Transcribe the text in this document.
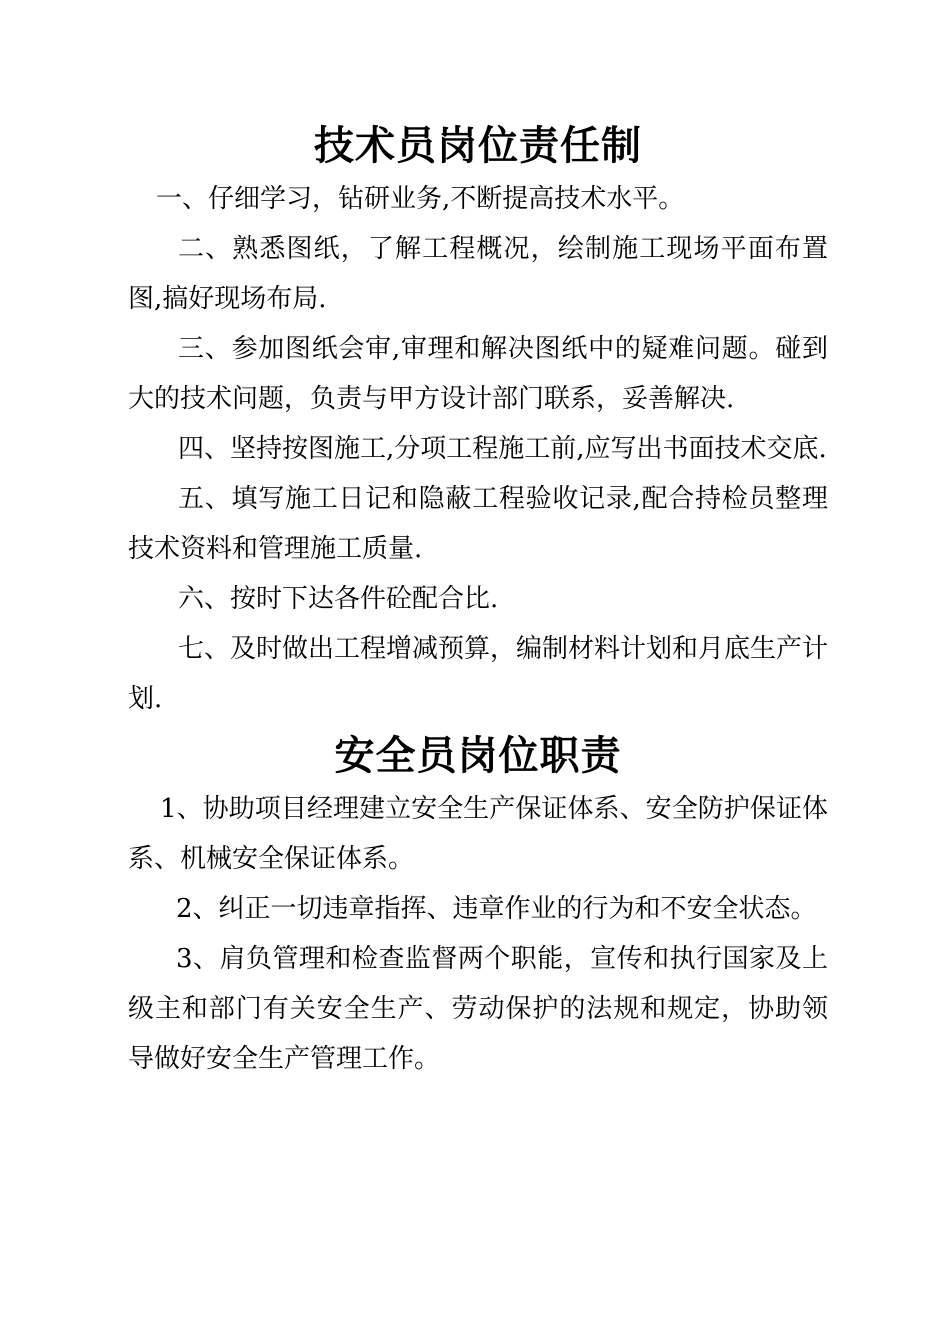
技术员岗位责任制

一、仔细学习，钻研业务,不断提高技术水平。

二、熟悉图纸，了解工程概况，绘制施工现场平面布置图,搞好现场布局.

三、参加图纸会审,审理和解决图纸中的疑难问题。碰到大的技术问题，负责与甲方设计部门联系，妥善解决.

四、坚持按图施工,分项工程施工前,应写出书面技术交底.

五、填写施工日记和隐蔽工程验收记录,配合持检员整理技术资料和管理施工质量.

六、按时下达各件砼配合比.

七、及时做出工程增减预算，编制材料计划和月底生产计划.

安全员岗位职责

1、协助项目经理建立安全生产保证体系、安全防护保证体系、机械安全保证体系。

2、纠正一切违章指挥、违章作业的行为和不安全状态。

3、肩负管理和检查监督两个职能，宣传和执行国家及上级主和部门有关安全生产、劳动保护的法规和规定，协助领导做好安全生产管理工作。
